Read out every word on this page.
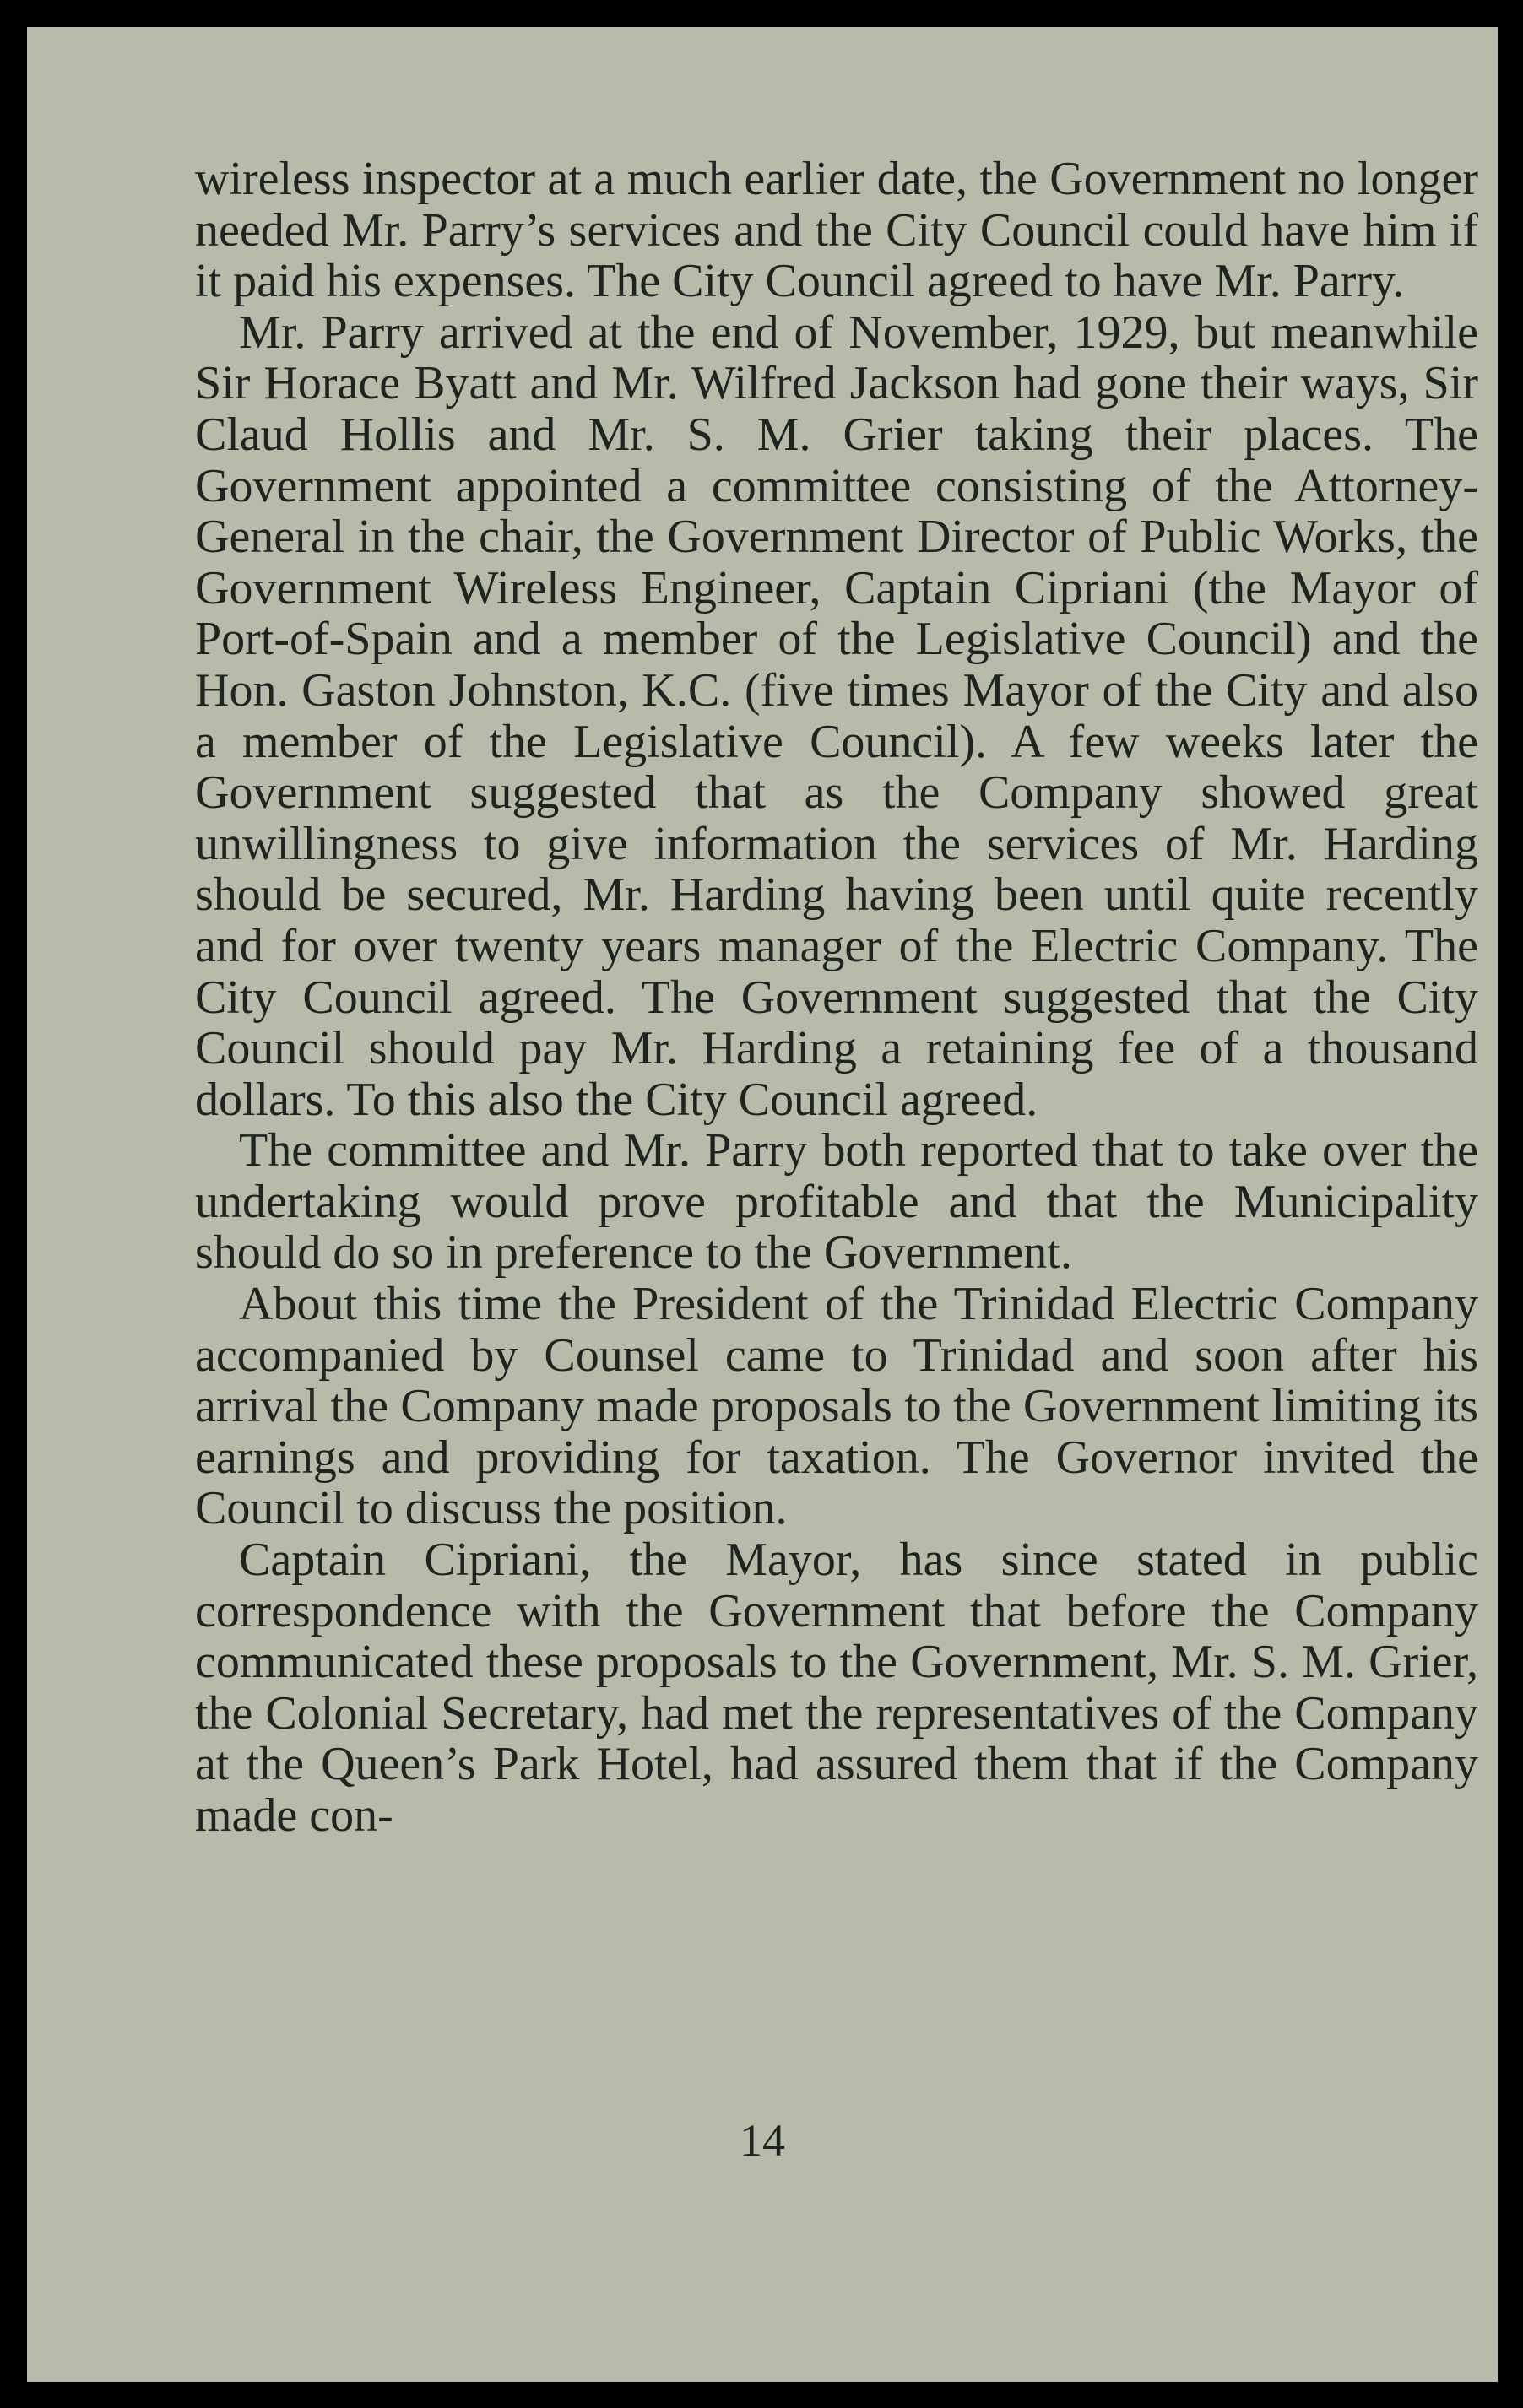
wireless inspector at a much earlier date, the Government no longer needed Mr. Parry’s services and the City Council could have him if it paid his expenses. The City Council agreed to have Mr. Parry.

Mr. Parry arrived at the end of November, 1929, but meanwhile Sir Horace Byatt and Mr. Wilfred Jackson had gone their ways, Sir Claud Hollis and Mr. S. M. Grier taking their places. The Government appointed a committee consisting of the Attorney-General in the chair, the Government Director of Public Works, the Government Wireless Engineer, Captain Cipriani (the Mayor of Port-of-Spain and a member of the Legislative Council) and the Hon. Gaston Johnston, K.C. (five times Mayor of the City and also a member of the Legislative Council). A few weeks later the Government suggested that as the Company showed great unwillingness to give information the services of Mr. Harding should be secured, Mr. Harding having been until quite recently and for over twenty years manager of the Electric Company. The City Council agreed. The Government suggested that the City Council should pay Mr. Harding a retaining fee of a thousand dollars. To this also the City Council agreed.

The committee and Mr. Parry both reported that to take over the undertaking would prove profitable and that the Municipality should do so in preference to the Government.

About this time the President of the Trinidad Electric Company accompanied by Counsel came to Trinidad and soon after his arrival the Company made proposals to the Government limiting its earnings and providing for taxation. The Governor invited the Council to discuss the position.

Captain Cipriani, the Mayor, has since stated in public correspondence with the Government that before the Company communicated these proposals to the Government, Mr. S. M. Grier, the Colonial Secretary, had met the representatives of the Company at the Queen’s Park Hotel, had assured them that if the Company made con-

14
